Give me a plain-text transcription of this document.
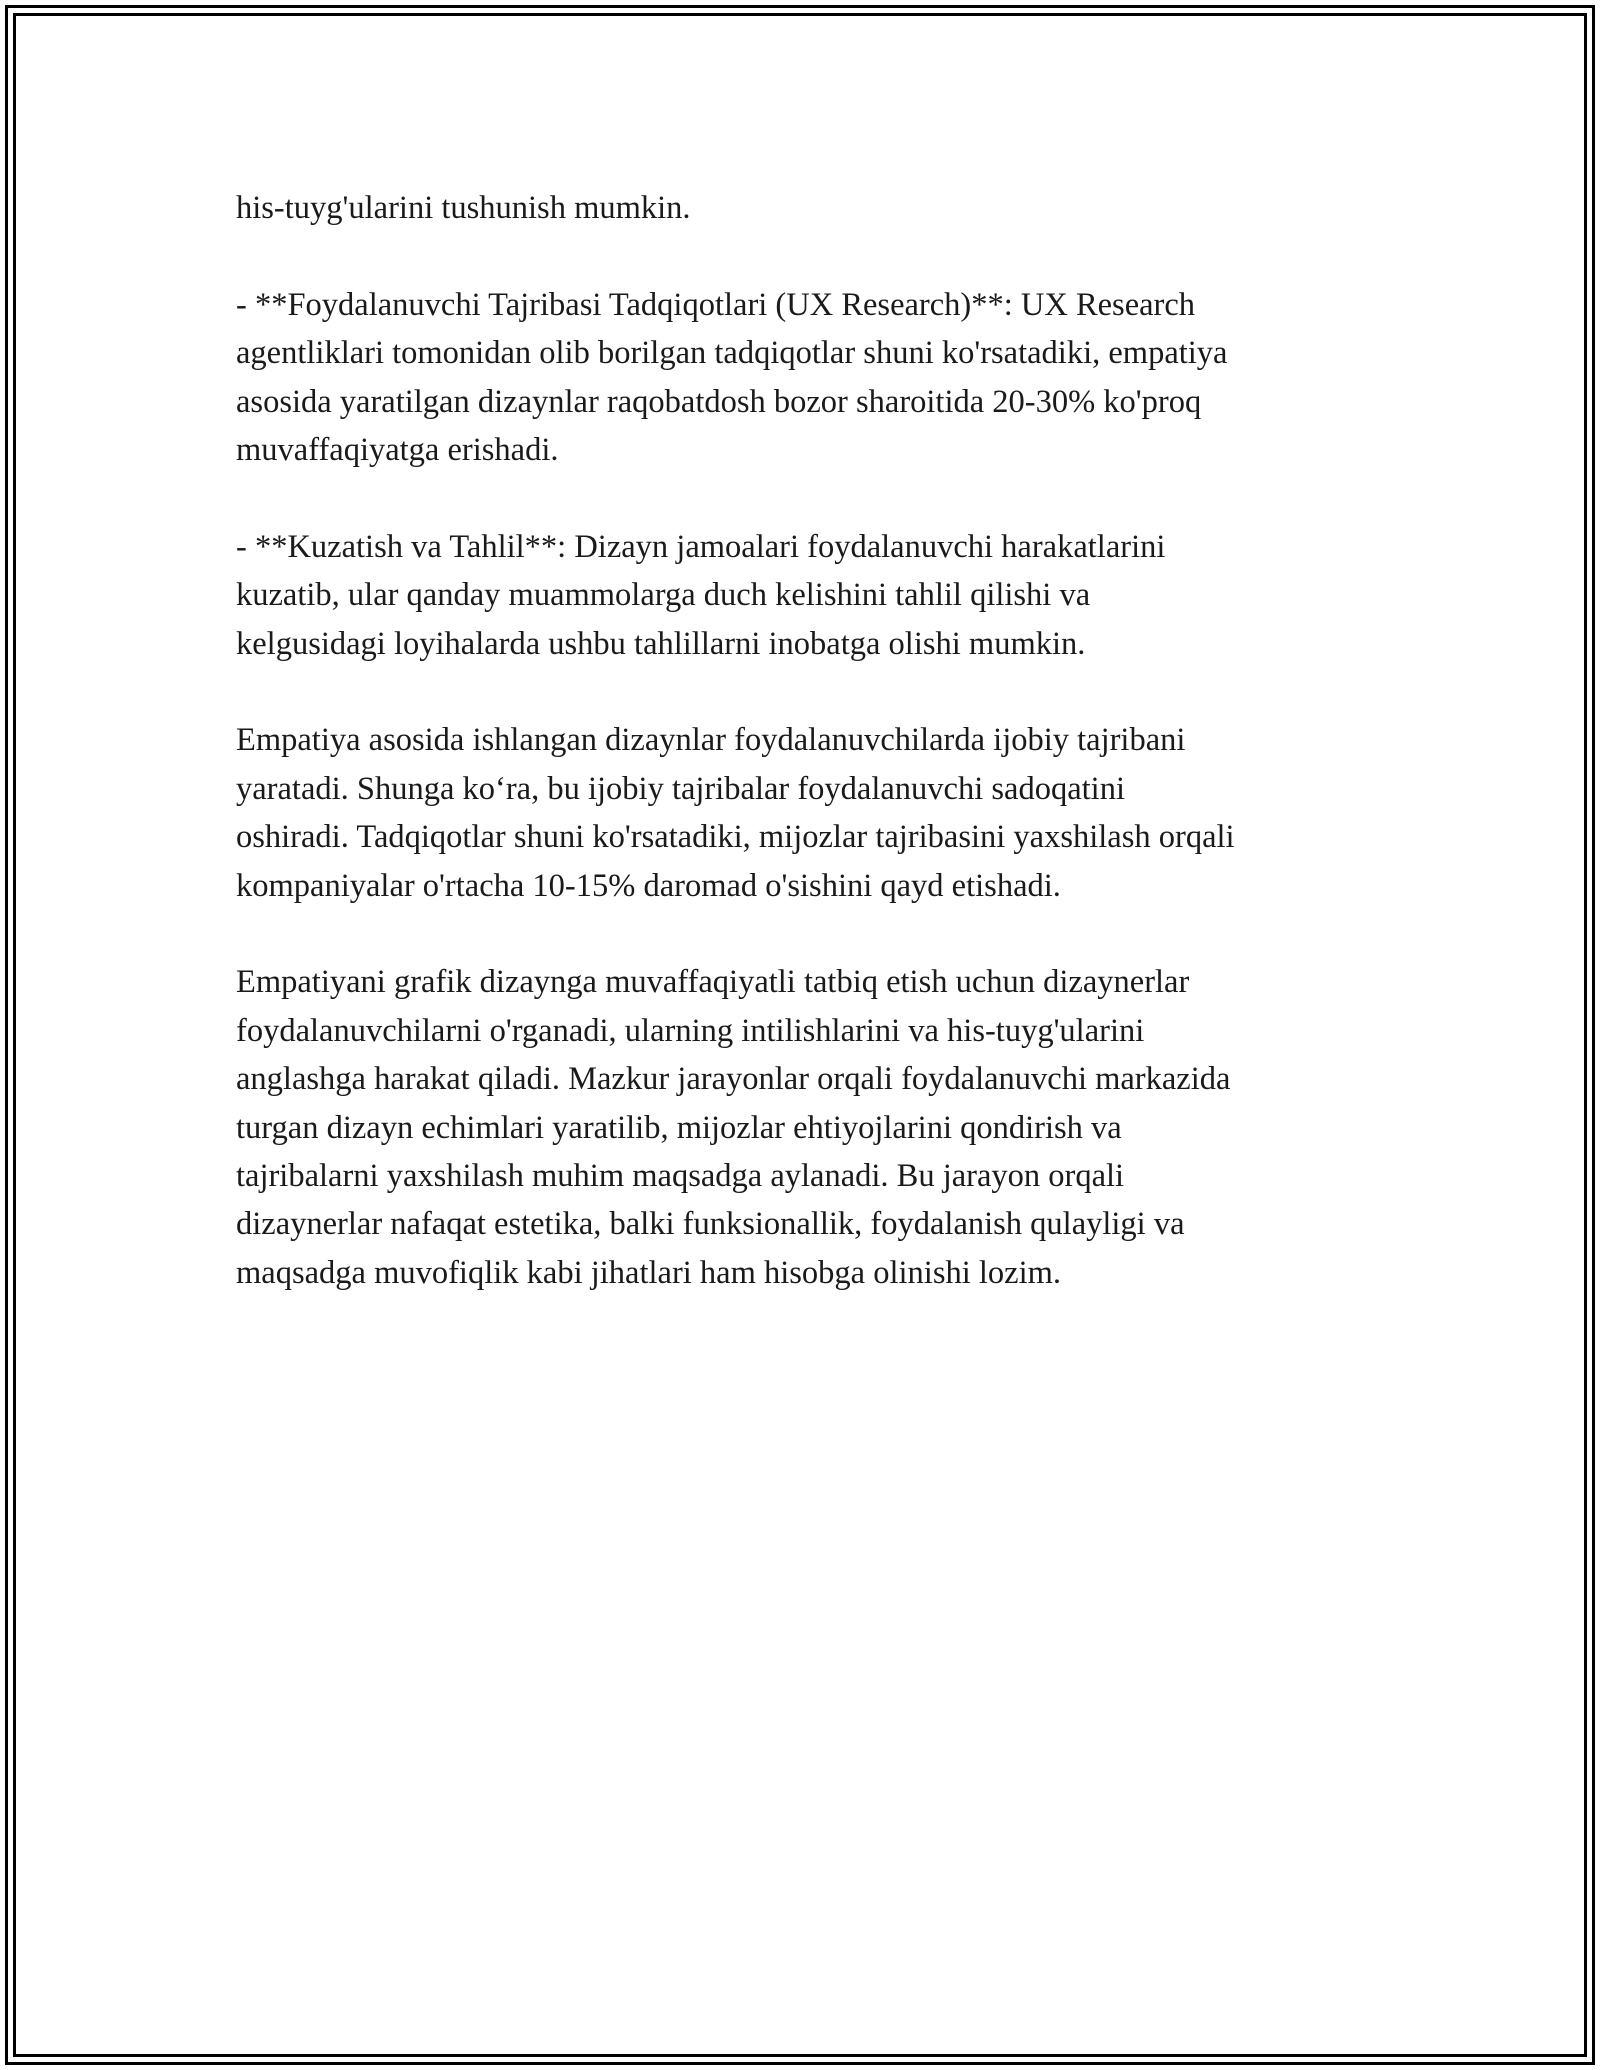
his-tuyg'ularini tushunish mumkin.

- **Foydalanuvchi Tajribasi Tadqiqotlari (UX Research)**: UX Research
agentliklari tomonidan olib borilgan tadqiqotlar shuni ko'rsatadiki, empatiya
asosida yaratilgan dizaynlar raqobatdosh bozor sharoitida 20-30% ko'proq
muvaffaqiyatga erishadi.

- **Kuzatish va Tahlil**: Dizayn jamoalari foydalanuvchi harakatlarini
kuzatib, ular qanday muammolarga duch kelishini tahlil qilishi va
kelgusidagi loyihalarda ushbu tahlillarni inobatga olishi mumkin.

Empatiya asosida ishlangan dizaynlar foydalanuvchilarda ijobiy tajribani
yaratadi. Shunga ko‘ra, bu ijobiy tajribalar foydalanuvchi sadoqatini
oshiradi. Tadqiqotlar shuni ko'rsatadiki, mijozlar tajribasini yaxshilash orqali
kompaniyalar o'rtacha 10-15% daromad o'sishini qayd etishadi.

Empatiyani grafik dizaynga muvaffaqiyatli tatbiq etish uchun dizaynerlar
foydalanuvchilarni o'rganadi, ularning intilishlarini va his-tuyg'ularini
anglashga harakat qiladi. Mazkur jarayonlar orqali foydalanuvchi markazida
turgan dizayn echimlari yaratilib, mijozlar ehtiyojlarini qondirish va
tajribalarni yaxshilash muhim maqsadga aylanadi. Bu jarayon orqali
dizaynerlar nafaqat estetika, balki funksionallik, foydalanish qulayligi va
maqsadga muvofiqlik kabi jihatlari ham hisobga olinishi lozim.
